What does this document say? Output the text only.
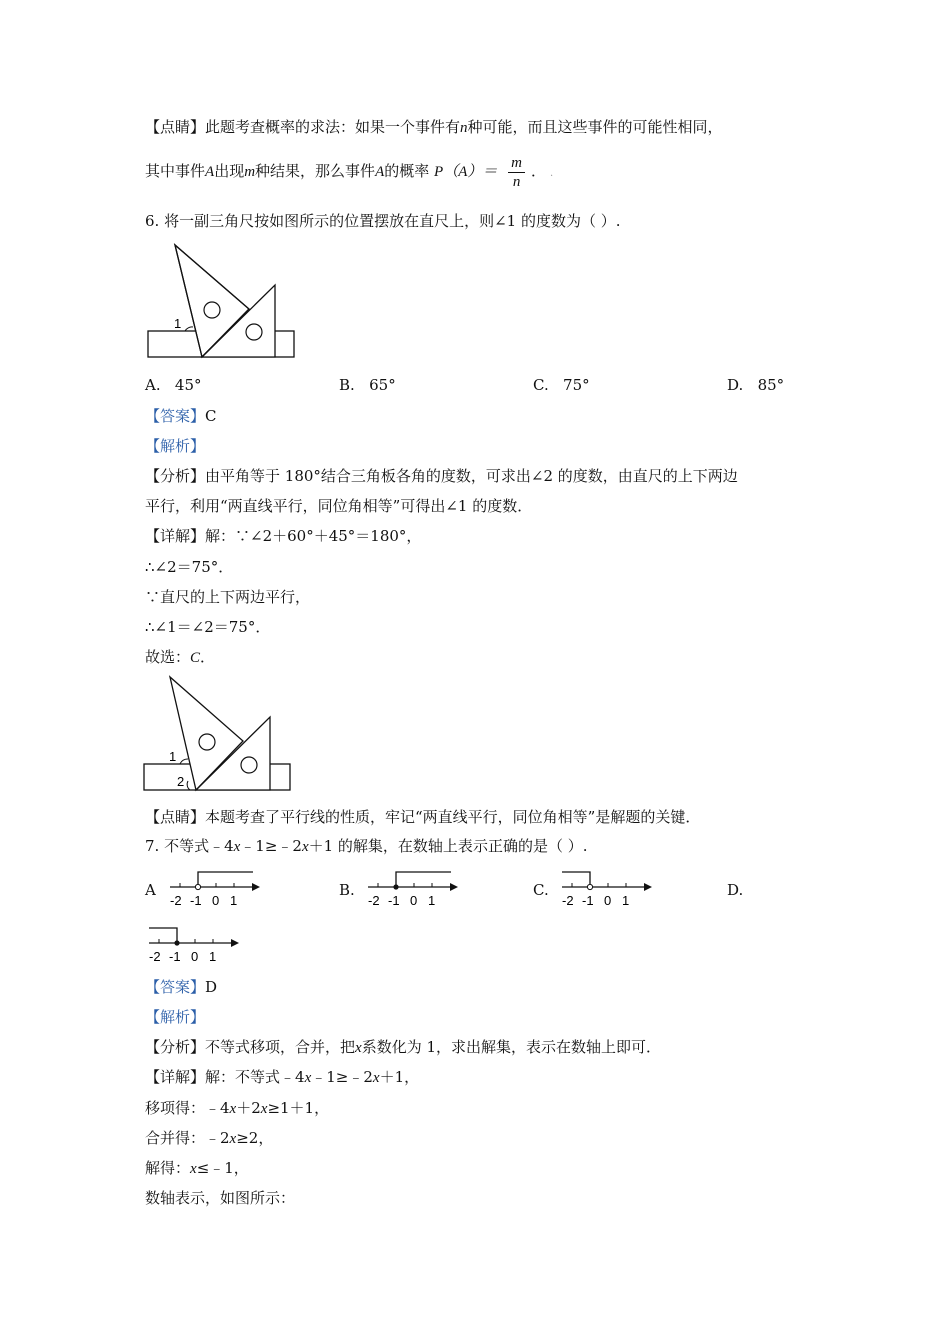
【点睛】此题考查概率的求法：如果一个事件有n种可能，而且这些事件的可能性相同，
其中事件A出现m种结果，那么事件A的概率 $P(A)= \frac{m}{n}$ ． .
6. 将一副三角尺按如图所示的位置摆放在直尺上，则∠1 的度数为（ ）.
1
A. 45°	B. 65°	C. 75°	D. 85°
【答案】C
【解析】
【分析】由平角等于 180°结合三角板各角的度数，可求出∠2 的度数，由直尺的上下两边
平行，利用“两直线平行，同位角相等”可得出∠1 的度数．
【详解】解：∵∠2＋60°＋45°＝180°，
∴∠2＝75°．
∵直尺的上下两边平行，
∴∠1＝∠2＝75°．
故选：C．
1
2
【点睛】本题考查了平行线的性质，牢记“两直线平行，同位角相等”是解题的关键．
7. 不等式﹣4x﹣1≥﹣2x＋1 的解集，在数轴上表示正确的是（ ）.
A
-2 -1 0 1
B.
-2 -1 0 1
C.
-2 -1 0 1
D.
-2 -1 0 1
【答案】D
【解析】
【分析】不等式移项，合并，把x系数化为 1，求出解集，表示在数轴上即可．
【详解】解：不等式﹣4x﹣1≥﹣2x＋1，
移项得：﹣4x＋2x≥1＋1，
合并得：﹣2x≥2，
解得：x≤﹣1，
数轴表示，如图所示：
